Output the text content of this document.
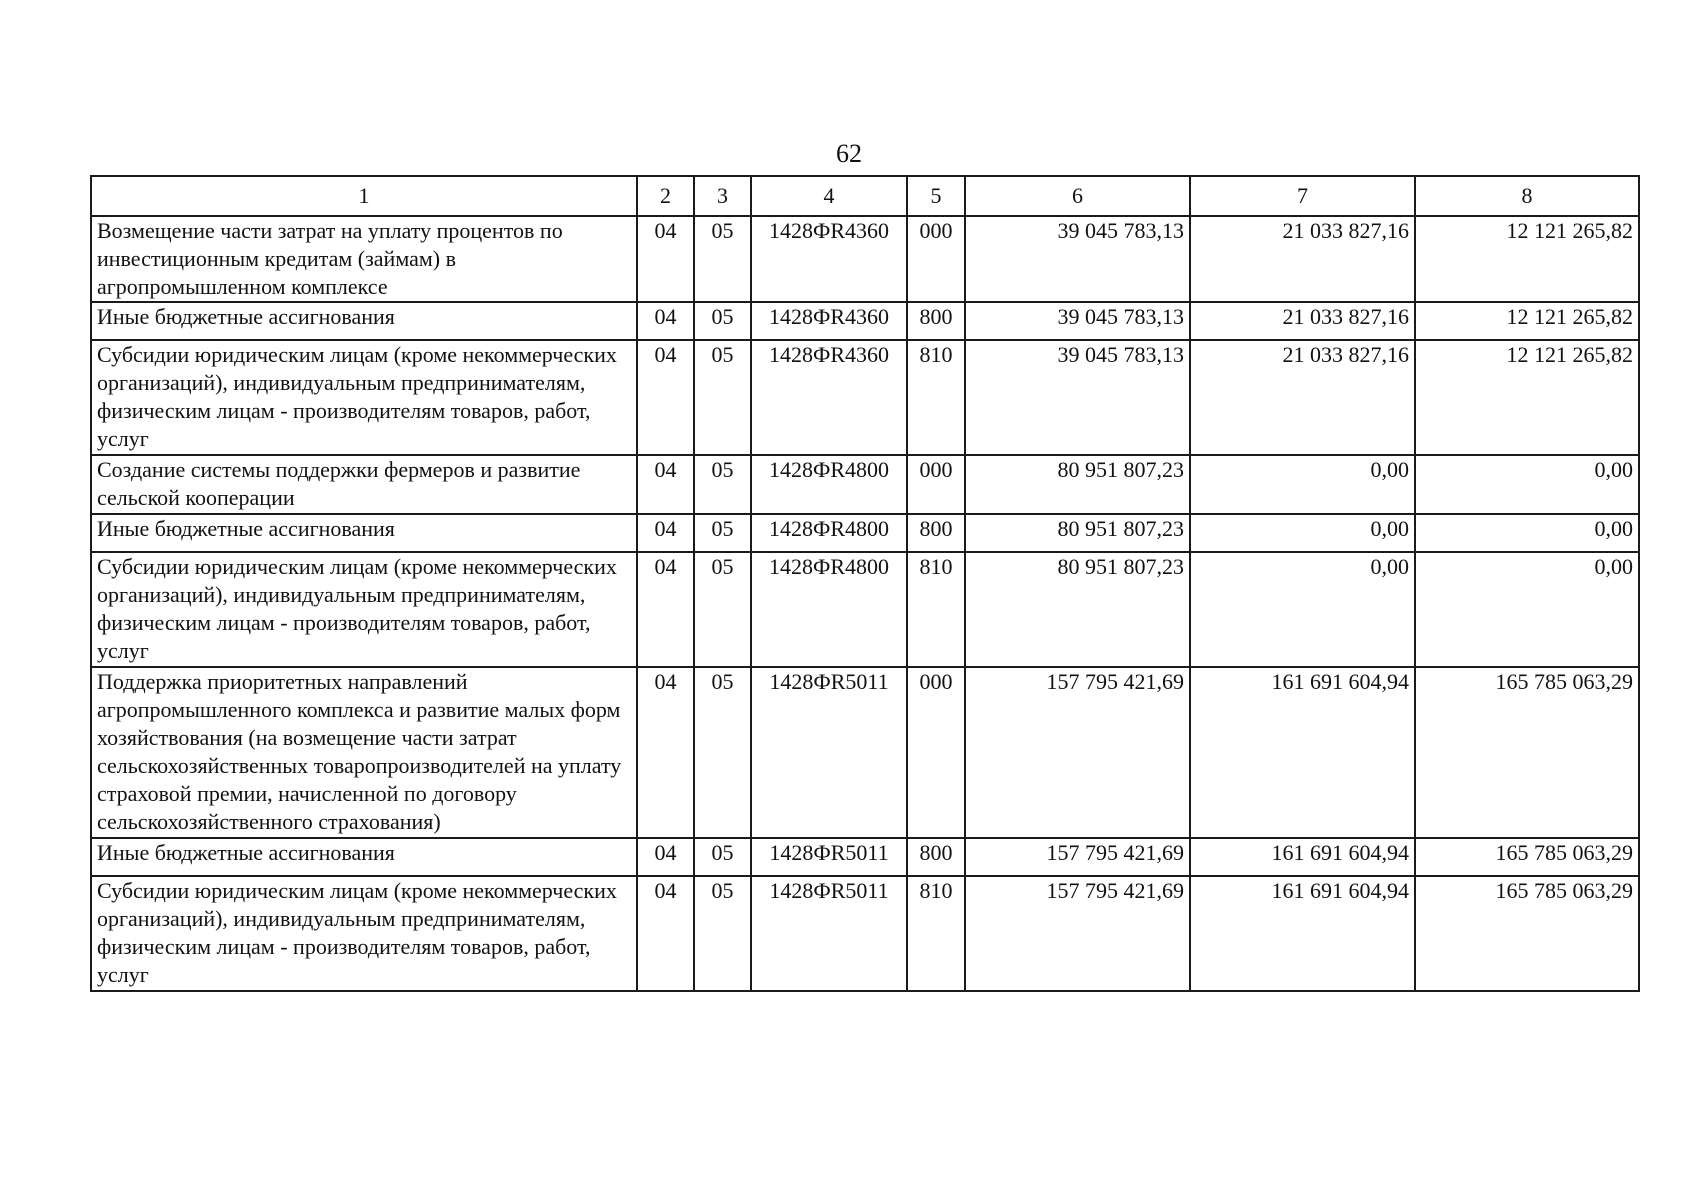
62
1	2	3	4	5	6	7	8
Возмещение части затрат на уплату процентов по инвестиционным кредитам (займам) в агропромышленном комплексе	04	05	1428ФR4360	000	39 045 783,13	21 033 827,16	12 121 265,82
Иные бюджетные ассигнования	04	05	1428ФR4360	800	39 045 783,13	21 033 827,16	12 121 265,82
Субсидии юридическим лицам (кроме некоммерческих организаций), индивидуальным предпринимателям, физическим лицам - производителям товаров, работ, услуг	04	05	1428ФR4360	810	39 045 783,13	21 033 827,16	12 121 265,82
Создание системы поддержки фермеров и развитие сельской кооперации	04	05	1428ФR4800	000	80 951 807,23	0,00	0,00
Иные бюджетные ассигнования	04	05	1428ФR4800	800	80 951 807,23	0,00	0,00
Субсидии юридическим лицам (кроме некоммерческих организаций), индивидуальным предпринимателям, физическим лицам - производителям товаров, работ, услуг	04	05	1428ФR4800	810	80 951 807,23	0,00	0,00
Поддержка приоритетных направлений агропромышленного комплекса и развитие малых форм хозяйствования (на возмещение части затрат сельскохозяйственных товаропроизводителей на уплату страховой премии, начисленной по договору сельскохозяйственного страхования)	04	05	1428ФR5011	000	157 795 421,69	161 691 604,94	165 785 063,29
Иные бюджетные ассигнования	04	05	1428ФR5011	800	157 795 421,69	161 691 604,94	165 785 063,29
Субсидии юридическим лицам (кроме некоммерческих организаций), индивидуальным предпринимателям, физическим лицам - производителям товаров, работ, услуг	04	05	1428ФR5011	810	157 795 421,69	161 691 604,94	165 785 063,29
